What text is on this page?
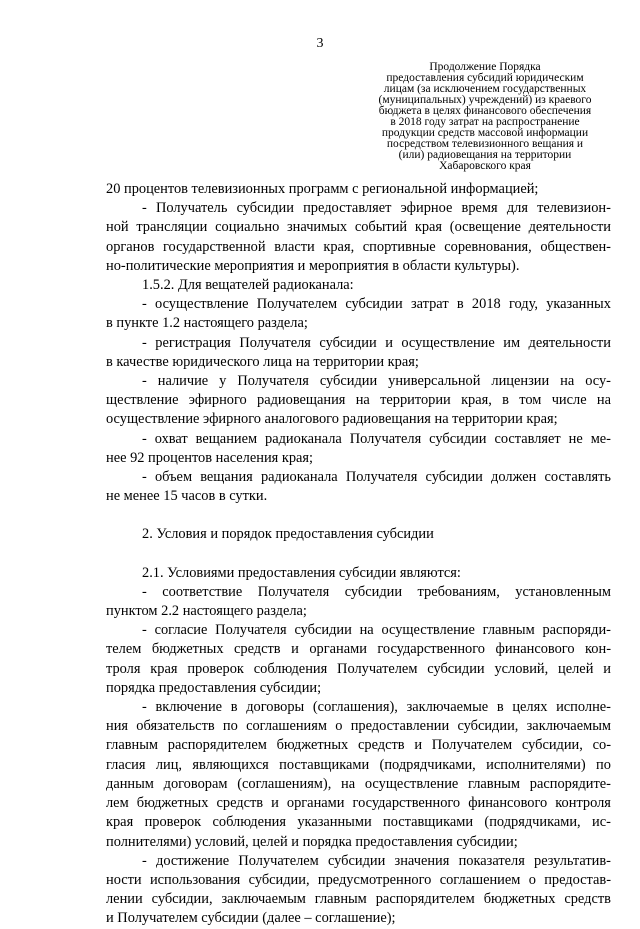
3
Продолжение Порядка
предоставления субсидий юридическим
лицам (за исключением государственных
(муниципальных) учреждений) из краевого
бюджета в целях финансового обеспечения
в 2018 году затрат на распространение
продукции средств массовой информации
посредством телевизионного вещания и
(или) радиовещания на территории
Хабаровского края
20 процентов телевизионных программ с региональной информацией;
- Получатель субсидии предоставляет эфирное время для телевизион-
ной трансляции социально значимых событий края (освещение деятельности
органов государственной власти края, спортивные соревнования, обществен-
но-политические мероприятия и мероприятия в области культуры).
1.5.2. Для вещателей радиоканала:
- осуществление Получателем субсидии затрат в 2018 году, указанных
в пункте 1.2 настоящего раздела;
- регистрация Получателя субсидии и осуществление им деятельности
в качестве юридического лица на территории края;
- наличие у Получателя субсидии универсальной лицензии на осу-
ществление эфирного радиовещания на территории края, в том числе на
осуществление эфирного аналогового радиовещания на территории края;
- охват вещанием радиоканала Получателя субсидии составляет не ме-
нее 92 процентов населения края;
- объем вещания радиоканала Получателя субсидии должен составлять
не менее 15 часов в сутки.
2. Условия и порядок предоставления субсидии
2.1. Условиями предоставления субсидии являются:
- соответствие Получателя субсидии требованиям, установленным
пунктом 2.2 настоящего раздела;
- согласие Получателя субсидии на осуществление главным распоряди-
телем бюджетных средств и органами государственного финансового кон-
троля края проверок соблюдения Получателем субсидии условий, целей и
порядка предоставления субсидии;
- включение в договоры (соглашения), заключаемые в целях исполне-
ния обязательств по соглашениям о предоставлении субсидии, заключаемым
главным распорядителем бюджетных средств и Получателем субсидии, со-
гласия лиц, являющихся поставщиками (подрядчиками, исполнителями) по
данным договорам (соглашениям), на осуществление главным распорядите-
лем бюджетных средств и органами государственного финансового контроля
края проверок соблюдения указанными поставщиками (подрядчиками, ис-
полнителями) условий, целей и порядка предоставления субсидии;
- достижение Получателем субсидии значения показателя результатив-
ности использования субсидии, предусмотренного соглашением о предостав-
лении субсидии, заключаемым главным распорядителем бюджетных средств
и Получателем субсидии (далее – соглашение);
